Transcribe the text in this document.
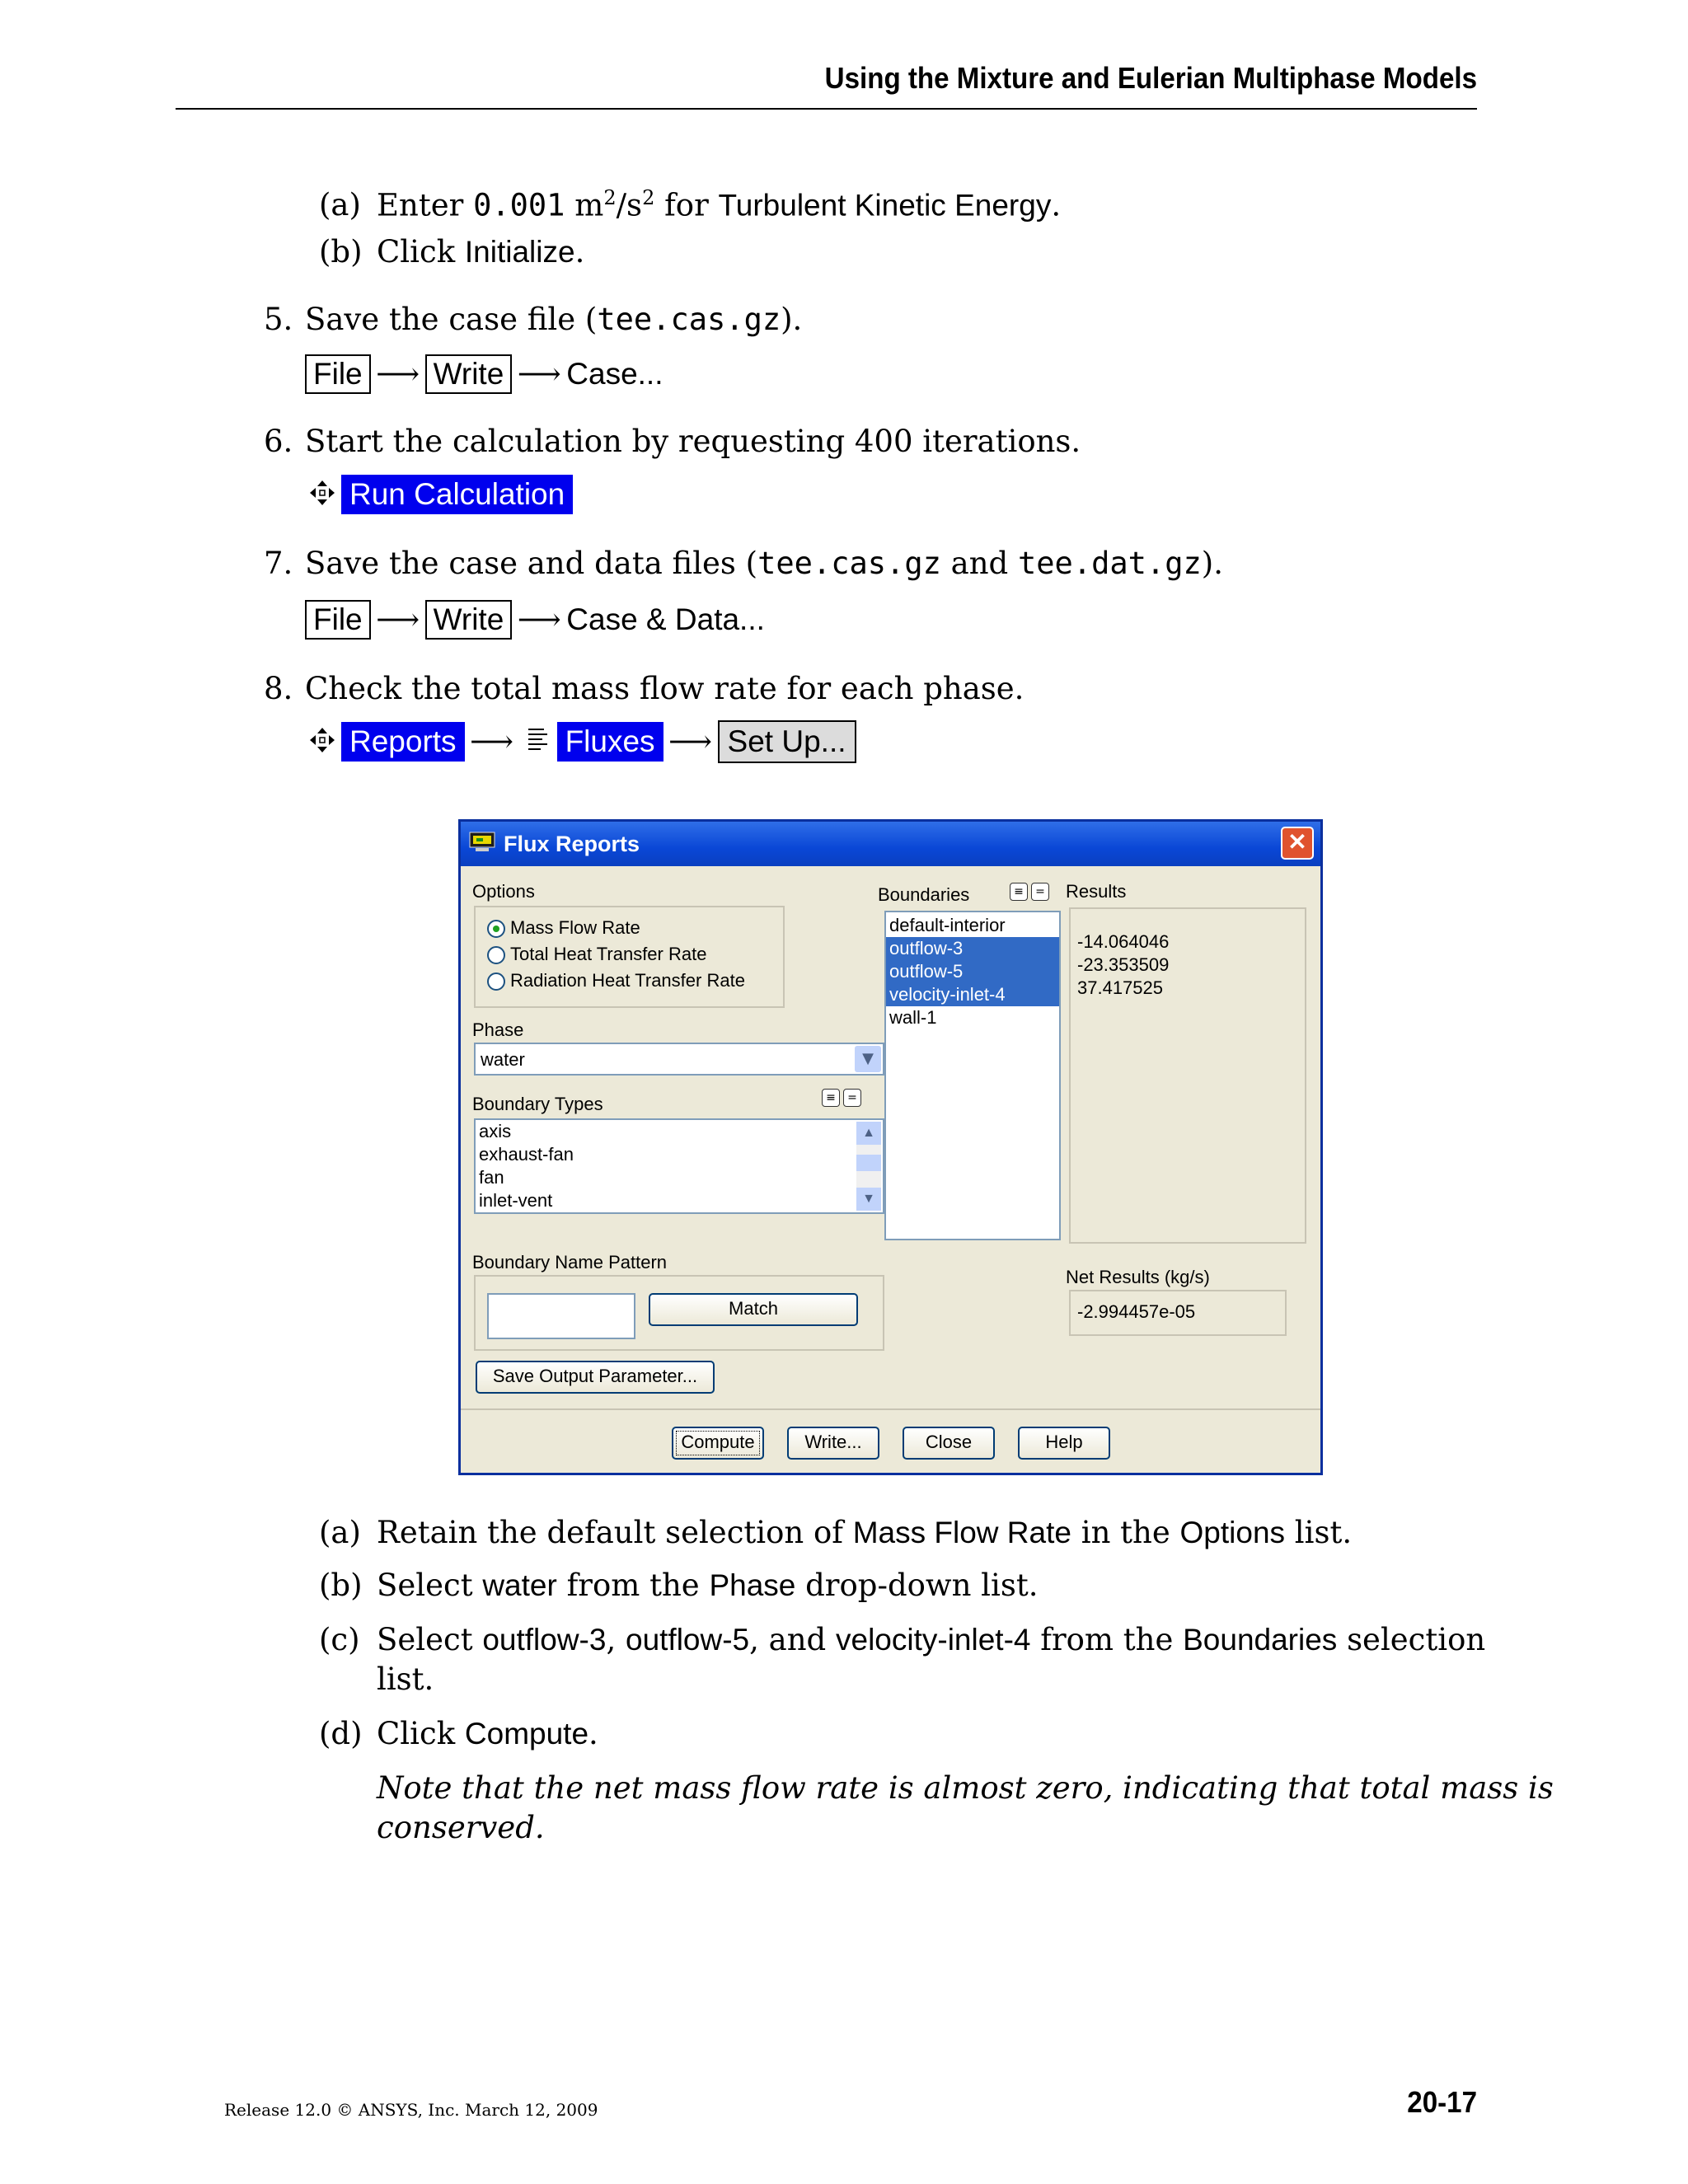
Using the Mixture and Eulerian Multiphase Models
(a) Enter 0.001 $m^2/s^2$ for Turbulent Kinetic Energy.
(b) Click Initialize.
5. Save the case file (tee.cas.gz).
File ⟶ Write ⟶ Case...
6. Start the calculation by requesting 400 iterations.
Run Calculation
7. Save the case and data files (tee.cas.gz and tee.dat.gz).
File ⟶ Write ⟶ Case & Data...
8. Check the total mass flow rate for each phase.
Reports ⟶ Fluxes ⟶ Set Up...
Flux Reports	✕
Options
Mass Flow Rate
Total Heat Transfer Rate
Radiation Heat Transfer Rate
Phase
water	▼
Boundary Types	≡	=
axis
exhaust-fan
fan
inlet-vent
▲
▼
Boundary Name Pattern
Match
Save Output Parameter...
Boundaries	≡	=
default-interior
outflow-3
outflow-5
velocity-inlet-4
wall-1
Results
-14.064046
-23.353509
37.417525
Net Results (kg/s)
-2.994457e-05
Compute	Write...	Close	Help
(a) Retain the default selection of Mass Flow Rate in the Options list.
(b) Select water from the Phase drop-down list.
(c) Select outflow-3, outflow-5, and velocity-inlet-4 from the Boundaries selection
list.
(d) Click Compute.
Note that the net mass flow rate is almost zero, indicating that total mass is
conserved.
Release 12.0 © ANSYS, Inc. March 12, 2009	20-17
